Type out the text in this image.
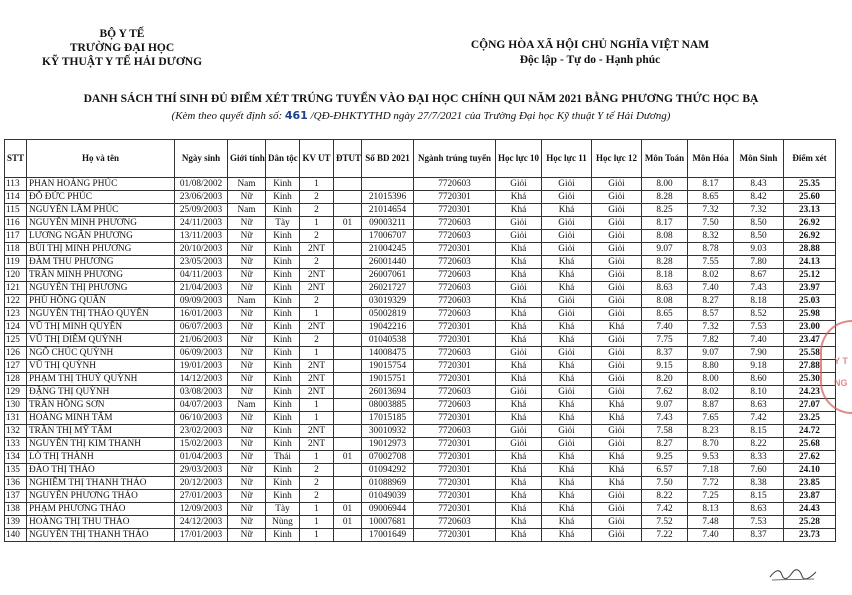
BỘ Y TẾ
TRƯỜNG ĐẠI HỌC
KỸ THUẬT Y TẾ HẢI DƯƠNG
CỘNG HÒA XÃ HỘI CHỦ NGHĨA VIỆT NAM
Độc lập - Tự do - Hạnh phúc
DANH SÁCH THÍ SINH ĐỦ ĐIỂM XÉT TRÚNG TUYỂN VÀO ĐẠI HỌC CHÍNH QUI NĂM 2021 BẰNG PHƯƠNG THỨC HỌC BẠ
(Kèm theo quyết định số: 461 /QĐ-ĐHKTYTHD ngày 27/7/2021 của Trường Đại học Kỹ thuật Y tế Hải Dương)
STT	Họ và tên	Ngày sinh	Giới tính	Dân tộc	KV UT	ĐTUT	Số BD 2021	Ngành trúng tuyển	Học lực 10	Học lực 11	Học lực 12	Môn Toán	Môn Hóa	Môn Sinh	Điểm xét
113	PHAN HOÀNG PHÚC	01/08/2002	Nam	Kinh	1			7720603	Giỏi	Giỏi	Giỏi	8.00	8.17	8.43	25.35
114	ĐỖ ĐỨC PHÚC	23/06/2003	Nữ	Kinh	2		21015396	7720301	Khá	Giỏi	Giỏi	8.28	8.65	8.42	25.60
115	NGUYỄN LÂM PHÚC	25/09/2003	Nam	Kinh	2		21014654	7720301	Khá	Khá	Giỏi	8.25	7.32	7.32	23.13
116	NGUYỄN MINH PHƯƠNG	24/11/2003	Nữ	Tày	1	01	09003211	7720603	Giỏi	Giỏi	Giỏi	8.17	7.50	8.50	26.92
117	LƯƠNG NGÂN PHƯƠNG	13/11/2003	Nữ	Kinh	2		17006707	7720603	Giỏi	Giỏi	Giỏi	8.08	8.32	8.50	26.92
118	BÙI THỊ MINH PHƯƠNG	20/10/2003	Nữ	Kinh	2NT		21004245	7720301	Khá	Giỏi	Giỏi	9.07	8.78	9.03	28.88
119	ĐÀM THU PHƯƠNG	23/05/2003	Nữ	Kinh	2		26001440	7720603	Khá	Khá	Giỏi	8.28	7.55	7.80	24.13
120	TRẦN MINH PHƯƠNG	04/11/2003	Nữ	Kinh	2NT		26007061	7720603	Khá	Khá	Giỏi	8.18	8.02	8.67	25.12
121	NGUYỄN THỊ PHƯƠNG	21/04/2003	Nữ	Kinh	2NT		26021727	7720603	Giỏi	Khá	Giỏi	8.63	7.40	7.43	23.97
122	PHÙ HỒNG QUÂN	09/09/2003	Nam	Kinh	2		03019329	7720603	Khá	Giỏi	Giỏi	8.08	8.27	8.18	25.03
123	NGUYỄN THỊ THẢO QUYÊN	16/01/2003	Nữ	Kinh	1		05002819	7720603	Khá	Giỏi	Giỏi	8.65	8.57	8.52	25.98
124	VŨ THỊ MINH QUYÊN	06/07/2003	Nữ	Kinh	2NT		19042216	7720301	Khá	Khá	Khá	7.40	7.32	7.53	23.00
125	VŨ THỊ DIỄM QUỲNH	21/06/2003	Nữ	Kinh	2		01040538	7720301	Khá	Khá	Giỏi	7.75	7.82	7.40	23.47
126	NGÔ CHÚC QUỲNH	06/09/2003	Nữ	Kinh	1		14008475	7720603	Giỏi	Giỏi	Giỏi	8.37	9.07	7.90	25.58
127	VŨ THỊ QUỲNH	19/01/2003	Nữ	Kinh	2NT		19015754	7720301	Khá	Khá	Giỏi	9.15	8.80	9.18	27.88
128	PHẠM THỊ THUÝ QUỲNH	14/12/2003	Nữ	Kinh	2NT		19015751	7720301	Khá	Khá	Giỏi	8.20	8.00	8.60	25.30
129	ĐẶNG THỊ QUỲNH	03/08/2003	Nữ	Kinh	2NT		26013694	7720603	Giỏi	Giỏi	Giỏi	7.62	8.02	8.10	24.23
130	TRẦN HỒNG SƠN	04/07/2003	Nam	Kinh	1		08003885	7720603	Khá	Khá	Khá	9.07	8.87	8.63	27.07
131	HOÀNG MINH TÂM	06/10/2003	Nữ	Kinh	1		17015185	7720301	Khá	Khá	Khá	7.43	7.65	7.42	23.25
132	TRẦN THỊ MỸ TÂM	23/02/2003	Nữ	Kinh	2NT		30010932	7720603	Giỏi	Giỏi	Giỏi	7.58	8.23	8.15	24.72
133	NGUYỄN THỊ KIM THANH	15/02/2003	Nữ	Kinh	2NT		19012973	7720301	Giỏi	Giỏi	Giỏi	8.27	8.70	8.22	25.68
134	LÒ THỊ THÀNH	01/04/2003	Nữ	Thái	1	01	07002708	7720301	Khá	Khá	Khá	9.25	9.53	8.33	27.62
135	ĐÀO THỊ THẢO	29/03/2003	Nữ	Kinh	2		01094292	7720301	Khá	Khá	Khá	6.57	7.18	7.60	24.10
136	NGHIÊM THỊ THANH THẢO	20/12/2003	Nữ	Kinh	2		01088969	7720301	Khá	Khá	Khá	7.50	7.72	8.38	23.85
137	NGUYỄN PHƯƠNG THẢO	27/01/2003	Nữ	Kinh	2		01049039	7720301	Khá	Khá	Giỏi	8.22	7.25	8.15	23.87
138	PHẠM PHƯƠNG THẢO	12/09/2003	Nữ	Tày	1	01	09006944	7720301	Khá	Khá	Giỏi	7.42	8.13	8.63	24.43
139	HOÀNG THỊ THU THẢO	24/12/2003	Nữ	Nùng	1	01	10007681	7720603	Khá	Khá	Giỏi	7.52	7.48	7.53	25.28
140	NGUYỄN THỊ THANH THẢO	17/01/2003	Nữ	Kinh	1		17001649	7720301	Khá	Khá	Giỏi	7.22	7.40	8.37	23.73
Y T
NG
